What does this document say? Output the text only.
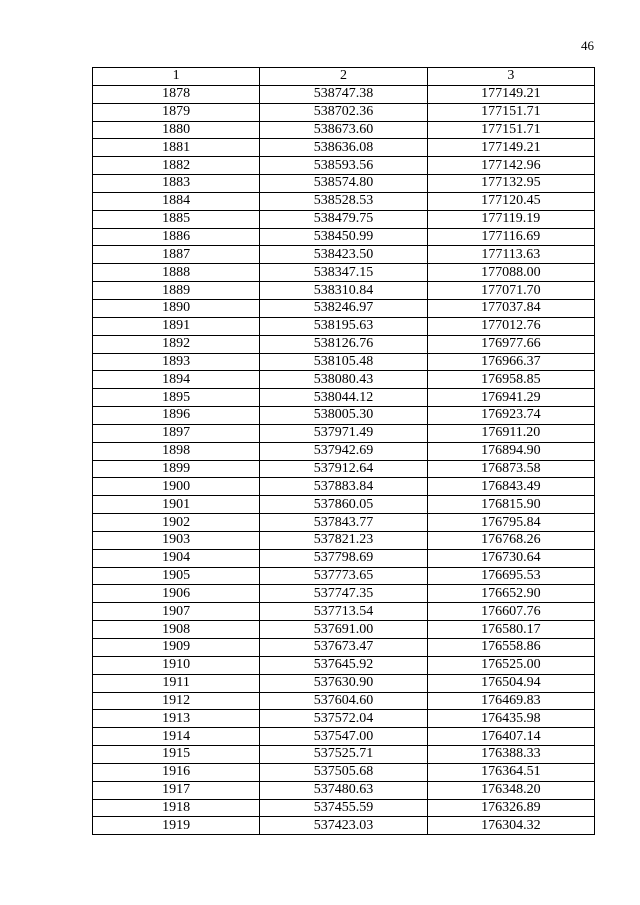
46
1	2	3
1878	538747.38	177149.21
1879	538702.36	177151.71
1880	538673.60	177151.71
1881	538636.08	177149.21
1882	538593.56	177142.96
1883	538574.80	177132.95
1884	538528.53	177120.45
1885	538479.75	177119.19
1886	538450.99	177116.69
1887	538423.50	177113.63
1888	538347.15	177088.00
1889	538310.84	177071.70
1890	538246.97	177037.84
1891	538195.63	177012.76
1892	538126.76	176977.66
1893	538105.48	176966.37
1894	538080.43	176958.85
1895	538044.12	176941.29
1896	538005.30	176923.74
1897	537971.49	176911.20
1898	537942.69	176894.90
1899	537912.64	176873.58
1900	537883.84	176843.49
1901	537860.05	176815.90
1902	537843.77	176795.84
1903	537821.23	176768.26
1904	537798.69	176730.64
1905	537773.65	176695.53
1906	537747.35	176652.90
1907	537713.54	176607.76
1908	537691.00	176580.17
1909	537673.47	176558.86
1910	537645.92	176525.00
1911	537630.90	176504.94
1912	537604.60	176469.83
1913	537572.04	176435.98
1914	537547.00	176407.14
1915	537525.71	176388.33
1916	537505.68	176364.51
1917	537480.63	176348.20
1918	537455.59	176326.89
1919	537423.03	176304.32
